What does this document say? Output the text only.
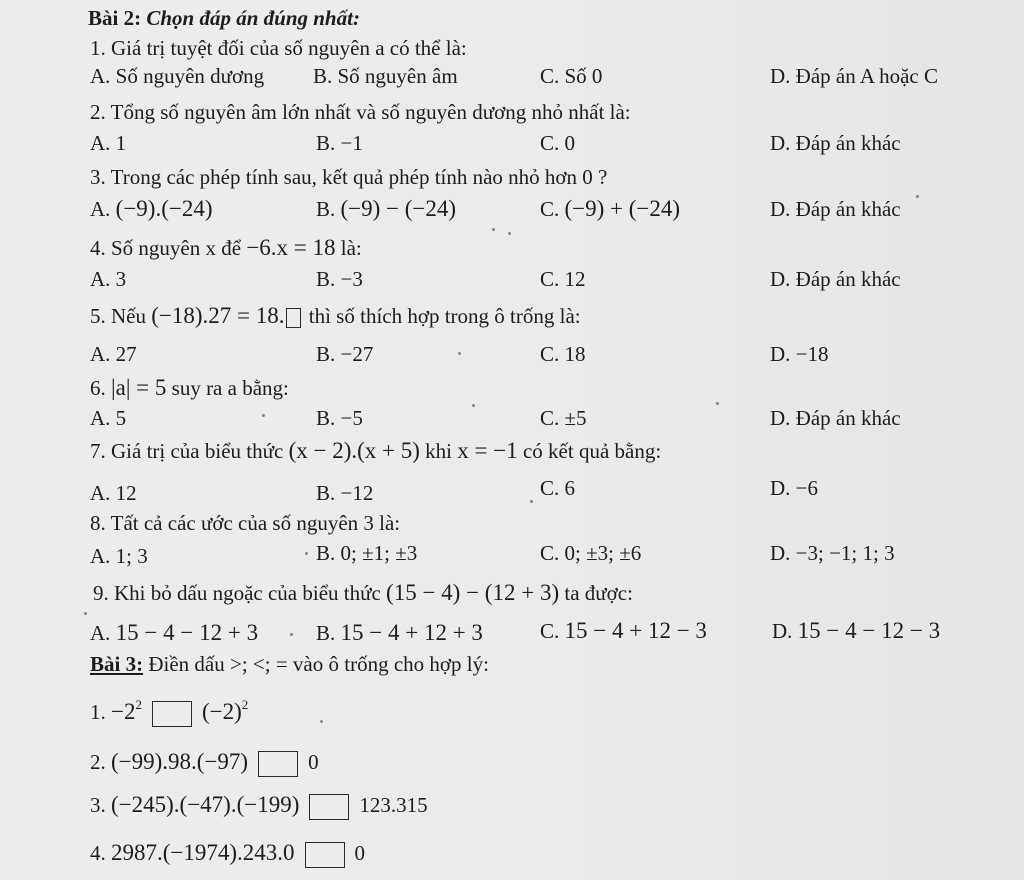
Bài 2: Chọn đáp án đúng nhất:
1. Giá trị tuyệt đối của số nguyên a có thể là:
A. Số nguyên dương B. Số nguyên âm	C. Số 0	D. Đáp án A hoặc C
2. Tổng số nguyên âm lớn nhất và số nguyên dương nhỏ nhất là:
A. 1	B. −1	C. 0	D. Đáp án khác
3. Trong các phép tính sau, kết quả phép tính nào nhỏ hơn 0 ?
A. (−9).(−24)	B. (−9) − (−24)	C. (−9) + (−24)	D. Đáp án khác
4. Số nguyên x để −6.x = 18 là:
A. 3	B. −3	C. 12	D. Đáp án khác
5. Nếu (−18).27 = 18. thì số thích hợp trong ô trống là:
A. 27	B. −27	C. 18	D. −18
6. |a| = 5 suy ra a bằng:
A. 5	B. −5	C. ±5	D. Đáp án khác
7. Giá trị của biểu thức (x − 2).(x + 5) khi x = −1 có kết quả bằng:
A. 12	B. −12	C. 6	D. −6
8. Tất cả các ước của số nguyên 3 là:
A. 1; 3	B. 0; ±1; ±3	C. 0; ±3; ±6	D. −3; −1; 1; 3
9. Khi bỏ dấu ngoặc của biểu thức (15 − 4) − (12 + 3) ta được:
A. 15 − 4 − 12 + 3	B. 15 − 4 + 12 + 3	C. 15 − 4 + 12 − 3	D. 15 − 4 − 12 − 3
Bài 3: Điền dấu >; <; = vào ô trống cho hợp lý:
1. $-2^2$	$(-2)^2$
2. (−99).98.(−97)	0
3. (−245).(−47).(−199)	123.315
4. 2987.(−1974).243.0	0
